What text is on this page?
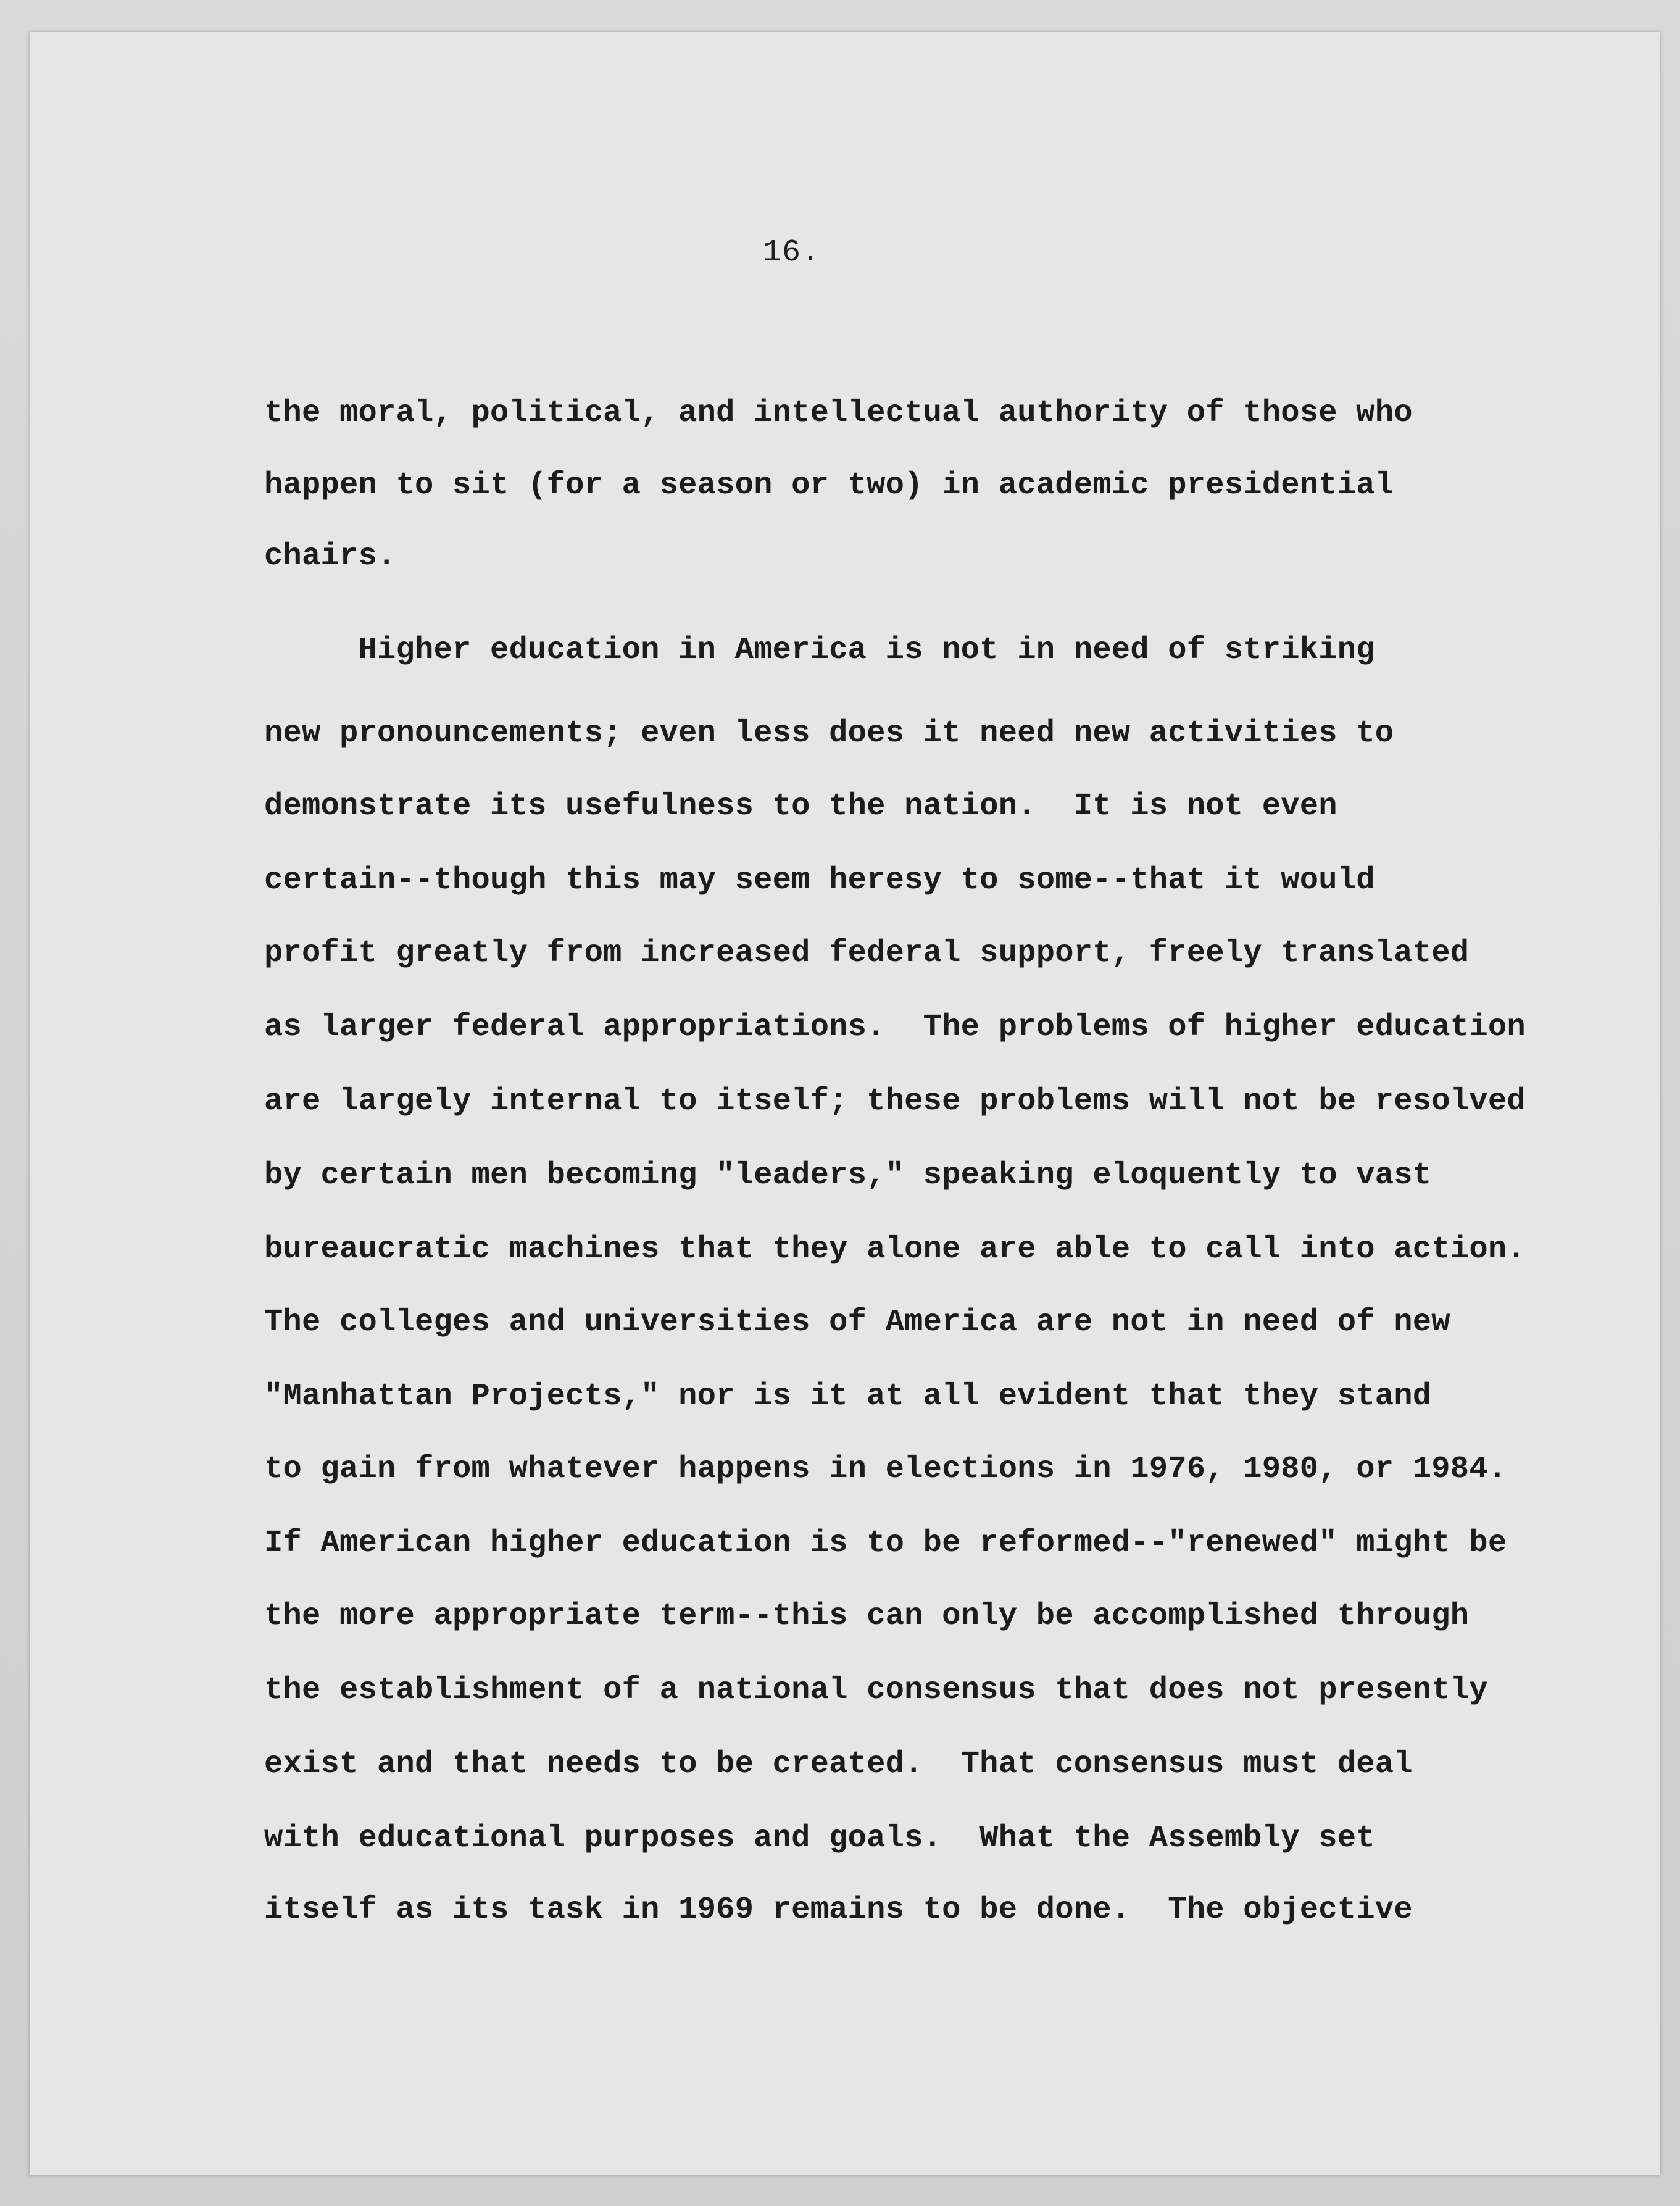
16.
the moral, political, and intellectual authority of those who
happen to sit (for a season or two) in academic presidential
chairs.
Higher education in America is not in need of striking
new pronouncements; even less does it need new activities to
demonstrate its usefulness to the nation.  It is not even
certain--though this may seem heresy to some--that it would
profit greatly from increased federal support, freely translated
as larger federal appropriations.  The problems of higher education
are largely internal to itself; these problems will not be resolved
by certain men becoming "leaders," speaking eloquently to vast
bureaucratic machines that they alone are able to call into action.
The colleges and universities of America are not in need of new
"Manhattan Projects," nor is it at all evident that they stand
to gain from whatever happens in elections in 1976, 1980, or 1984.
If American higher education is to be reformed--"renewed" might be
the more appropriate term--this can only be accomplished through
the establishment of a national consensus that does not presently
exist and that needs to be created.  That consensus must deal
with educational purposes and goals.  What the Assembly set
itself as its task in 1969 remains to be done.  The objective
